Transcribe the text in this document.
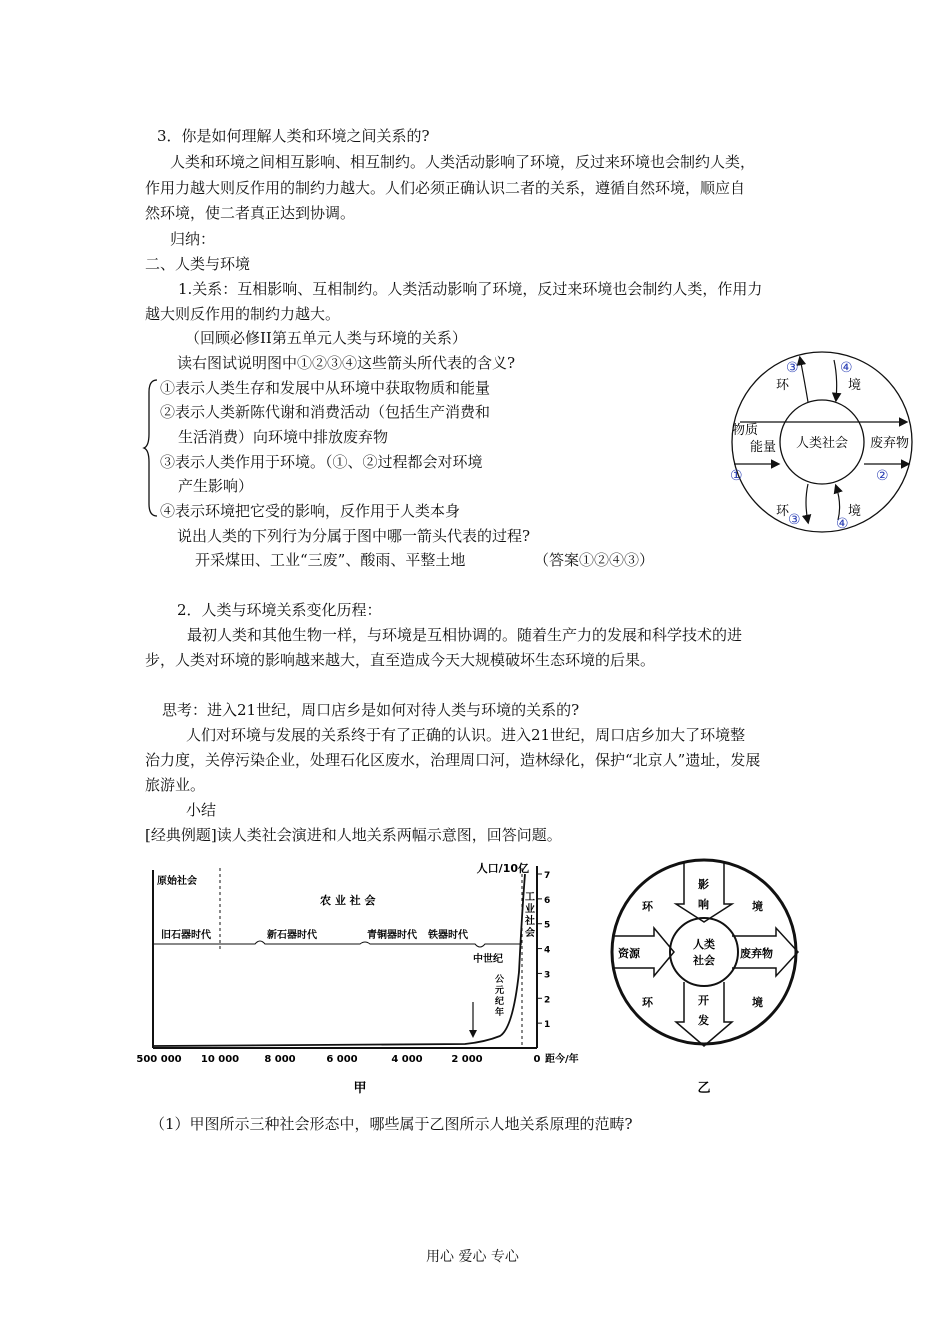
3．你是如何理解人类和环境之间关系的?
人类和环境之间相互影响、相互制约。人类活动影响了环境，反过来环境也会制约人类，
作用力越大则反作用的制约力越大。人们必须正确认识二者的关系，遵循自然环境，顺应自
然环境，使二者真正达到协调。
归纳：
二、人类与环境
1.关系：互相影响、互相制约。人类活动影响了环境，反过来环境也会制约人类，作用力
越大则反作用的制约力越大。
（回顾必修II第五单元人类与环境的关系）
读右图试说明图中①②③④这些箭头所代表的含义?
①表示人类生存和发展中从环境中获取物质和能量
②表示人类新陈代谢和消费活动（包括生产消费和
生活消费）向环境中排放废弃物
③表示人类作用于环境。（①、②过程都会对环境
产生影响）
④表示环境把它受的影响，反作用于人类本身
说出人类的下列行为分属于图中哪一箭头代表的过程?
开采煤田、工业“三废”、酸雨、平整土地	（答案①②④③）
人类社会
环	境
环	境
物质
能量	废弃物
①	②
③	④
③	④
2．人类与环境关系变化历程：
最初人类和其他生物一样，与环境是互相协调的。随着生产力的发展和科学技术的进
步，人类对环境的影响越来越大，直至造成今天大规模破坏生态环境的后果。
思考：进入21世纪，周口店乡是如何对待人类与环境的关系的?
人们对环境与发展的关系终于有了正确的认识。进入21世纪，周口店乡加大了环境整
治力度，关停污染企业，处理石化区废水，治理周口河，造林绿化，保护“北京人”遗址，发展
旅游业。
小结
[经典例题]读人类社会演进和人地关系两幅示意图，回答问题。
1
2
3
4
5
6
7
原始社会
农 业 社 会
旧石器时代	新石器时代	青铜器时代 铁器时代
中世纪
人口/10亿
工
业
社
会
公
元
纪
年
500 000 10 000	8 000	6 000	4 000	2 000	0 距今/年
甲
人类
社会
影
响
开
发
资源	废弃物
环	境
环	境
乙
（1）甲图所示三种社会形态中，哪些属于乙图所示人地关系原理的范畴?
用心 爱心 专心
